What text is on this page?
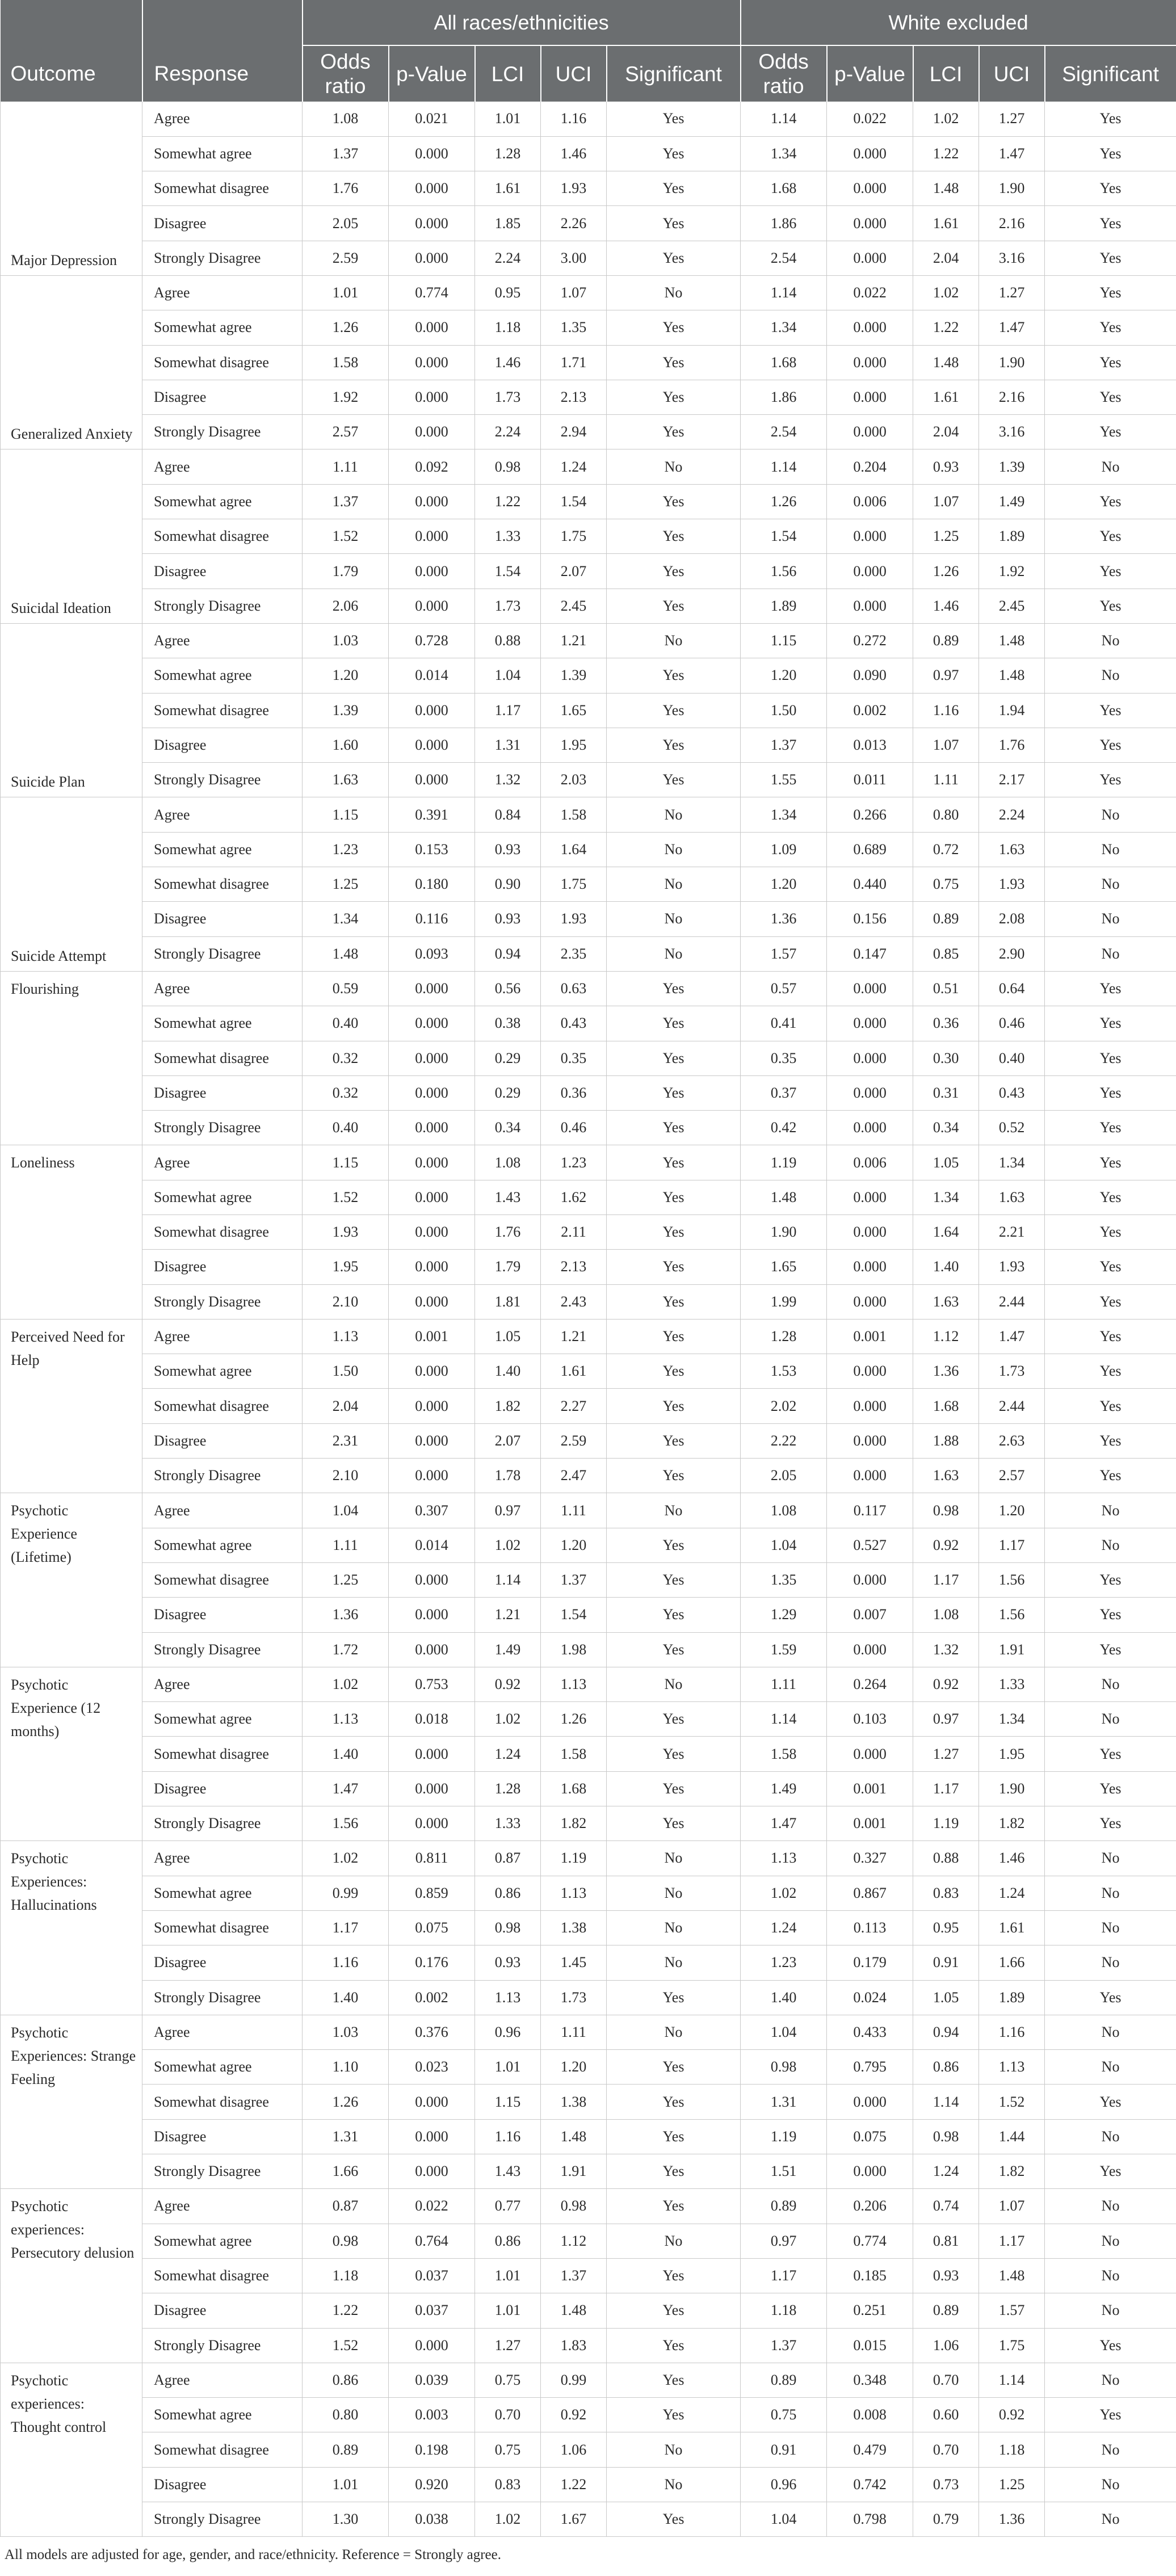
		All races/ethnicities					White excluded				
Outcome	Response	Odds ratio	p-Value	LCI	UCI	Significant	Odds ratio	p-Value	LCI	UCI	Significant

Major Depression	Agree	1.08	0.021	1.01	1.16	Yes	1.14	0.022	1.02	1.27	Yes
	Somewhat agree	1.37	0.000	1.28	1.46	Yes	1.34	0.000	1.22	1.47	Yes
	Somewhat disagree	1.76	0.000	1.61	1.93	Yes	1.68	0.000	1.48	1.90	Yes
	Disagree	2.05	0.000	1.85	2.26	Yes	1.86	0.000	1.61	2.16	Yes
	Strongly Disagree	2.59	0.000	2.24	3.00	Yes	2.54	0.000	2.04	3.16	Yes

Generalized Anxiety	Agree	1.01	0.774	0.95	1.07	No	1.14	0.022	1.02	1.27	Yes
	Somewhat agree	1.26	0.000	1.18	1.35	Yes	1.34	0.000	1.22	1.47	Yes
	Somewhat disagree	1.58	0.000	1.46	1.71	Yes	1.68	0.000	1.48	1.90	Yes
	Disagree	1.92	0.000	1.73	2.13	Yes	1.86	0.000	1.61	2.16	Yes
	Strongly Disagree	2.57	0.000	2.24	2.94	Yes	2.54	0.000	2.04	3.16	Yes

Suicidal Ideation	Agree	1.11	0.092	0.98	1.24	No	1.14	0.204	0.93	1.39	No
	Somewhat agree	1.37	0.000	1.22	1.54	Yes	1.26	0.006	1.07	1.49	Yes
	Somewhat disagree	1.52	0.000	1.33	1.75	Yes	1.54	0.000	1.25	1.89	Yes
	Disagree	1.79	0.000	1.54	2.07	Yes	1.56	0.000	1.26	1.92	Yes
	Strongly Disagree	2.06	0.000	1.73	2.45	Yes	1.89	0.000	1.46	2.45	Yes

Suicide Plan	Agree	1.03	0.728	0.88	1.21	No	1.15	0.272	0.89	1.48	No
	Somewhat agree	1.20	0.014	1.04	1.39	Yes	1.20	0.090	0.97	1.48	No
	Somewhat disagree	1.39	0.000	1.17	1.65	Yes	1.50	0.002	1.16	1.94	Yes
	Disagree	1.60	0.000	1.31	1.95	Yes	1.37	0.013	1.07	1.76	Yes
	Strongly Disagree	1.63	0.000	1.32	2.03	Yes	1.55	0.011	1.11	2.17	Yes

Suicide Attempt	Agree	1.15	0.391	0.84	1.58	No	1.34	0.266	0.80	2.24	No
	Somewhat agree	1.23	0.153	0.93	1.64	No	1.09	0.689	0.72	1.63	No
	Somewhat disagree	1.25	0.180	0.90	1.75	No	1.20	0.440	0.75	1.93	No
	Disagree	1.34	0.116	0.93	1.93	No	1.36	0.156	0.89	2.08	No
	Strongly Disagree	1.48	0.093	0.94	2.35	No	1.57	0.147	0.85	2.90	No

Flourishing	Agree	0.59	0.000	0.56	0.63	Yes	0.57	0.000	0.51	0.64	Yes
	Somewhat agree	0.40	0.000	0.38	0.43	Yes	0.41	0.000	0.36	0.46	Yes
	Somewhat disagree	0.32	0.000	0.29	0.35	Yes	0.35	0.000	0.30	0.40	Yes
	Disagree	0.32	0.000	0.29	0.36	Yes	0.37	0.000	0.31	0.43	Yes
	Strongly Disagree	0.40	0.000	0.34	0.46	Yes	0.42	0.000	0.34	0.52	Yes

Loneliness	Agree	1.15	0.000	1.08	1.23	Yes	1.19	0.006	1.05	1.34	Yes
	Somewhat agree	1.52	0.000	1.43	1.62	Yes	1.48	0.000	1.34	1.63	Yes
	Somewhat disagree	1.93	0.000	1.76	2.11	Yes	1.90	0.000	1.64	2.21	Yes
	Disagree	1.95	0.000	1.79	2.13	Yes	1.65	0.000	1.40	1.93	Yes
	Strongly Disagree	2.10	0.000	1.81	2.43	Yes	1.99	0.000	1.63	2.44	Yes

Perceived Need for Help	Agree	1.13	0.001	1.05	1.21	Yes	1.28	0.001	1.12	1.47	Yes
	Somewhat agree	1.50	0.000	1.40	1.61	Yes	1.53	0.000	1.36	1.73	Yes
	Somewhat disagree	2.04	0.000	1.82	2.27	Yes	2.02	0.000	1.68	2.44	Yes
	Disagree	2.31	0.000	2.07	2.59	Yes	2.22	0.000	1.88	2.63	Yes
	Strongly Disagree	2.10	0.000	1.78	2.47	Yes	2.05	0.000	1.63	2.57	Yes

Psychotic Experience (Lifetime)	Agree	1.04	0.307	0.97	1.11	No	1.08	0.117	0.98	1.20	No
	Somewhat agree	1.11	0.014	1.02	1.20	Yes	1.04	0.527	0.92	1.17	No
	Somewhat disagree	1.25	0.000	1.14	1.37	Yes	1.35	0.000	1.17	1.56	Yes
	Disagree	1.36	0.000	1.21	1.54	Yes	1.29	0.007	1.08	1.56	Yes
	Strongly Disagree	1.72	0.000	1.49	1.98	Yes	1.59	0.000	1.32	1.91	Yes

Psychotic Experience (12 months)	Agree	1.02	0.753	0.92	1.13	No	1.11	0.264	0.92	1.33	No
	Somewhat agree	1.13	0.018	1.02	1.26	Yes	1.14	0.103	0.97	1.34	No
	Somewhat disagree	1.40	0.000	1.24	1.58	Yes	1.58	0.000	1.27	1.95	Yes
	Disagree	1.47	0.000	1.28	1.68	Yes	1.49	0.001	1.17	1.90	Yes
	Strongly Disagree	1.56	0.000	1.33	1.82	Yes	1.47	0.001	1.19	1.82	Yes

Psychotic Experiences: Hallucinations	Agree	1.02	0.811	0.87	1.19	No	1.13	0.327	0.88	1.46	No
	Somewhat agree	0.99	0.859	0.86	1.13	No	1.02	0.867	0.83	1.24	No
	Somewhat disagree	1.17	0.075	0.98	1.38	No	1.24	0.113	0.95	1.61	No
	Disagree	1.16	0.176	0.93	1.45	No	1.23	0.179	0.91	1.66	No
	Strongly Disagree	1.40	0.002	1.13	1.73	Yes	1.40	0.024	1.05	1.89	Yes

Psychotic Experiences: Strange Feeling	Agree	1.03	0.376	0.96	1.11	No	1.04	0.433	0.94	1.16	No
	Somewhat agree	1.10	0.023	1.01	1.20	Yes	0.98	0.795	0.86	1.13	No
	Somewhat disagree	1.26	0.000	1.15	1.38	Yes	1.31	0.000	1.14	1.52	Yes
	Disagree	1.31	0.000	1.16	1.48	Yes	1.19	0.075	0.98	1.44	No
	Strongly Disagree	1.66	0.000	1.43	1.91	Yes	1.51	0.000	1.24	1.82	Yes

Psychotic experiences: Persecutory delusion	Agree	0.87	0.022	0.77	0.98	Yes	0.89	0.206	0.74	1.07	No
	Somewhat agree	0.98	0.764	0.86	1.12	No	0.97	0.774	0.81	1.17	No
	Somewhat disagree	1.18	0.037	1.01	1.37	Yes	1.17	0.185	0.93	1.48	No
	Disagree	1.22	0.037	1.01	1.48	Yes	1.18	0.251	0.89	1.57	No
	Strongly Disagree	1.52	0.000	1.27	1.83	Yes	1.37	0.015	1.06	1.75	Yes

Psychotic experiences: Thought control	Agree	0.86	0.039	0.75	0.99	Yes	0.89	0.348	0.70	1.14	No
	Somewhat agree	0.80	0.003	0.70	0.92	Yes	0.75	0.008	0.60	0.92	Yes
	Somewhat disagree	0.89	0.198	0.75	1.06	No	0.91	0.479	0.70	1.18	No
	Disagree	1.01	0.920	0.83	1.22	No	0.96	0.742	0.73	1.25	No
	Strongly Disagree	1.30	0.038	1.02	1.67	Yes	1.04	0.798	0.79	1.36	No
All models are adjusted for age, gender, and race/ethnicity. Reference = Strongly agree.
